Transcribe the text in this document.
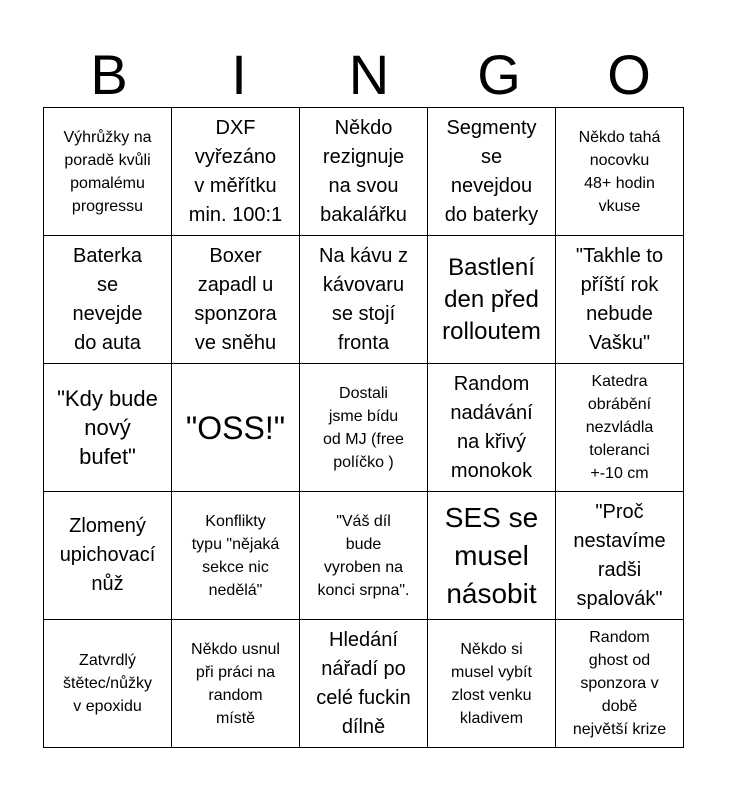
B	I	N	G	O
Výhrůžky na
poradě kvůli
pomalému
progressu	DXF
vyřezáno
v měřítku
min. 100:1	Někdo
rezignuje
na svou
bakalářku	Segmenty
se
nevejdou
do baterky	Někdo tahá
nocovku
48+ hodin
vkuse

Baterka
se
nevejde
do auta	Boxer
zapadl u
sponzora
ve sněhu	Na kávu z
kávovaru
se stojí
fronta	Bastlení
den před
rolloutem	"Takhle to
příští rok
nebude
Vašku"

"Kdy bude
nový
bufet"	"OSS!"	Dostali
jsme bídu
od MJ (free
políčko )	Random
nadávání
na křivý
monokok	Katedra
obrábění
nezvládla
toleranci
+-10 cm

Zlomený
upichovací
nůž	Konflikty
typu "nějaká
sekce nic
nedělá"	"Váš díl
bude
vyroben na
konci srpna".	SES se
musel
násobit	"Proč
nestavíme
radši
spalovák"

Zatvrdlý
štětec/nůžky
v epoxidu	Někdo usnul
při práci na
random
místě	Hledání
nářadí po
celé fuckin
dílně	Někdo si
musel vybít
zlost venku
kladivem	Random
ghost od
sponzora v
době
největší krize
